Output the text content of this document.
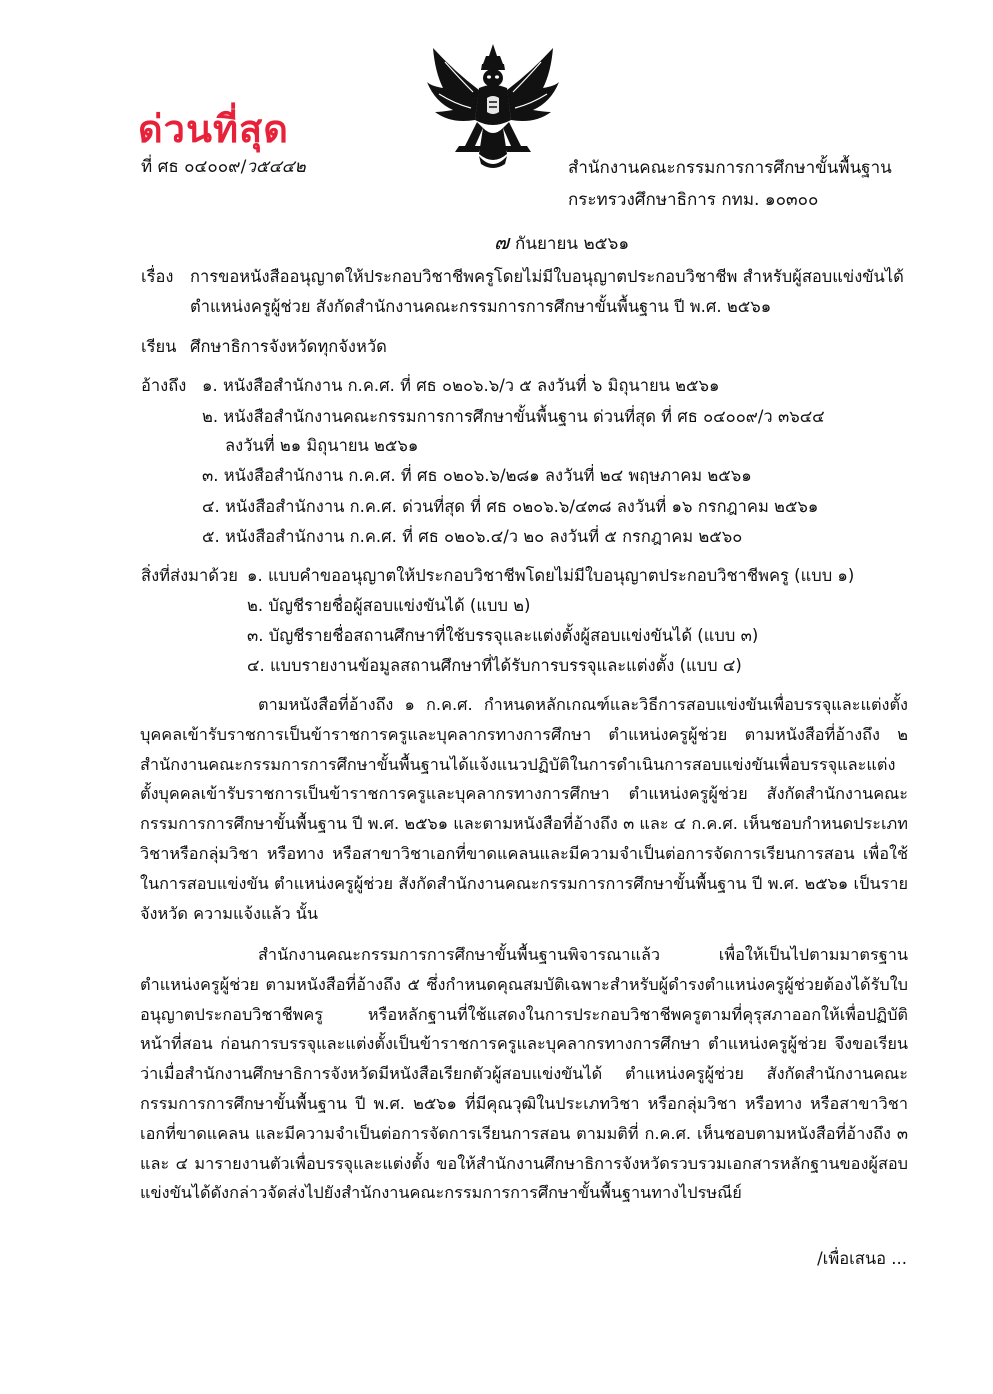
ด่วนที่สุด
ที่ ศธ ๐๔๐๐๙/ว๕๔๔๒	สำนักงานคณะกรรมการการศึกษาขั้นพื้นฐาน
กระทรวงศึกษาธิการ กทม. ๑๐๓๐๐
๗ กันยายน ๒๕๖๑
เรื่อง การขอหนังสืออนุญาตให้ประกอบวิชาชีพครูโดยไม่มีใบอนุญาตประกอบวิชาชีพ สำหรับผู้สอบแข่งขันได้
ตำแหน่งครูผู้ช่วย สังกัดสำนักงานคณะกรรมการการศึกษาขั้นพื้นฐาน ปี พ.ศ. ๒๕๖๑
เรียน ศึกษาธิการจังหวัดทุกจังหวัด
อ้างถึง ๑. หนังสือสำนักงาน ก.ค.ศ. ที่ ศธ ๐๒๐๖.๖/ว ๕ ลงวันที่ ๖ มิถุนายน ๒๕๖๑
๒. หนังสือสำนักงานคณะกรรมการการศึกษาขั้นพื้นฐาน ด่วนที่สุด ที่ ศธ ๐๔๐๐๙/ว ๓๖๔๔
ลงวันที่ ๒๑ มิถุนายน ๒๕๖๑
๓. หนังสือสำนักงาน ก.ค.ศ. ที่ ศธ ๐๒๐๖.๖/๒๘๑ ลงวันที่ ๒๔ พฤษภาคม ๒๕๖๑
๔. หนังสือสำนักงาน ก.ค.ศ. ด่วนที่สุด ที่ ศธ ๐๒๐๖.๖/๔๓๘ ลงวันที่ ๑๖ กรกฎาคม ๒๕๖๑
๕. หนังสือสำนักงาน ก.ค.ศ. ที่ ศธ ๐๒๐๖.๔/ว ๒๐ ลงวันที่ ๕ กรกฎาคม ๒๕๖๐
สิ่งที่ส่งมาด้วย ๑. แบบคำขออนุญาตให้ประกอบวิชาชีพโดยไม่มีใบอนุญาตประกอบวิชาชีพครู (แบบ ๑)
๒. บัญชีรายชื่อผู้สอบแข่งขันได้ (แบบ ๒)
๓. บัญชีรายชื่อสถานศึกษาที่ใช้บรรจุและแต่งตั้งผู้สอบแข่งขันได้ (แบบ ๓)
๔. แบบรายงานข้อมูลสถานศึกษาที่ได้รับการบรรจุและแต่งตั้ง (แบบ ๔)
ตามหนังสือที่อ้างถึง ๑ ก.ค.ศ. กำหนดหลักเกณฑ์และวิธีการสอบแข่งขันเพื่อบรรจุและแต่งตั้งบุคคลเข้ารับราชการเป็นข้าราชการครูและบุคลากรทางการศึกษา ตำแหน่งครูผู้ช่วย ตามหนังสือที่อ้างถึง ๒ สำนักงานคณะกรรมการการศึกษาขั้นพื้นฐานได้แจ้งแนวปฏิบัติในการดำเนินการสอบแข่งขันเพื่อบรรจุและแต่งตั้งบุคคลเข้ารับราชการเป็นข้าราชการครูและบุคลากรทางการศึกษา ตำแหน่งครูผู้ช่วย สังกัดสำนักงานคณะกรรมการการศึกษาขั้นพื้นฐาน ปี พ.ศ. ๒๕๖๑ และตามหนังสือที่อ้างถึง ๓ และ ๔ ก.ค.ศ. เห็นชอบกำหนดประเภทวิชาหรือกลุ่มวิชา หรือทาง หรือสาขาวิชาเอกที่ขาดแคลนและมีความจำเป็นต่อการจัดการเรียนการสอน เพื่อใช้ในการสอบแข่งขัน ตำแหน่งครูผู้ช่วย สังกัดสำนักงานคณะกรรมการการศึกษาขั้นพื้นฐาน ปี พ.ศ. ๒๕๖๑ เป็นรายจังหวัด ความแจ้งแล้ว นั้น
สำนักงานคณะกรรมการการศึกษาขั้นพื้นฐานพิจารณาแล้ว เพื่อให้เป็นไปตามมาตรฐานตำแหน่งครูผู้ช่วย ตามหนังสือที่อ้างถึง ๕ ซึ่งกำหนดคุณสมบัติเฉพาะสำหรับผู้ดำรงตำแหน่งครูผู้ช่วยต้องได้รับใบอนุญาตประกอบวิชาชีพครู หรือหลักฐานที่ใช้แสดงในการประกอบวิชาชีพครูตามที่คุรุสภาออกให้เพื่อปฏิบัติหน้าที่สอน ก่อนการบรรจุและแต่งตั้งเป็นข้าราชการครูและบุคลากรทางการศึกษา ตำแหน่งครูผู้ช่วย จึงขอเรียนว่าเมื่อสำนักงานศึกษาธิการจังหวัดมีหนังสือเรียกตัวผู้สอบแข่งขันได้ ตำแหน่งครูผู้ช่วย สังกัดสำนักงานคณะกรรมการการศึกษาขั้นพื้นฐาน ปี พ.ศ. ๒๕๖๑ ที่มีคุณวุฒิในประเภทวิชา หรือกลุ่มวิชา หรือทาง หรือสาขาวิชาเอกที่ขาดแคลน และมีความจำเป็นต่อการจัดการเรียนการสอน ตามมติที่ ก.ค.ศ. เห็นชอบตามหนังสือที่อ้างถึง ๓ และ ๔ มารายงานตัวเพื่อบรรจุและแต่งตั้ง ขอให้สำนักงานศึกษาธิการจังหวัดรวบรวมเอกสารหลักฐานของผู้สอบแข่งขันได้ดังกล่าวจัดส่งไปยังสำนักงานคณะกรรมการการศึกษาขั้นพื้นฐานทางไปรษณีย์
/เพื่อเสนอ ...
